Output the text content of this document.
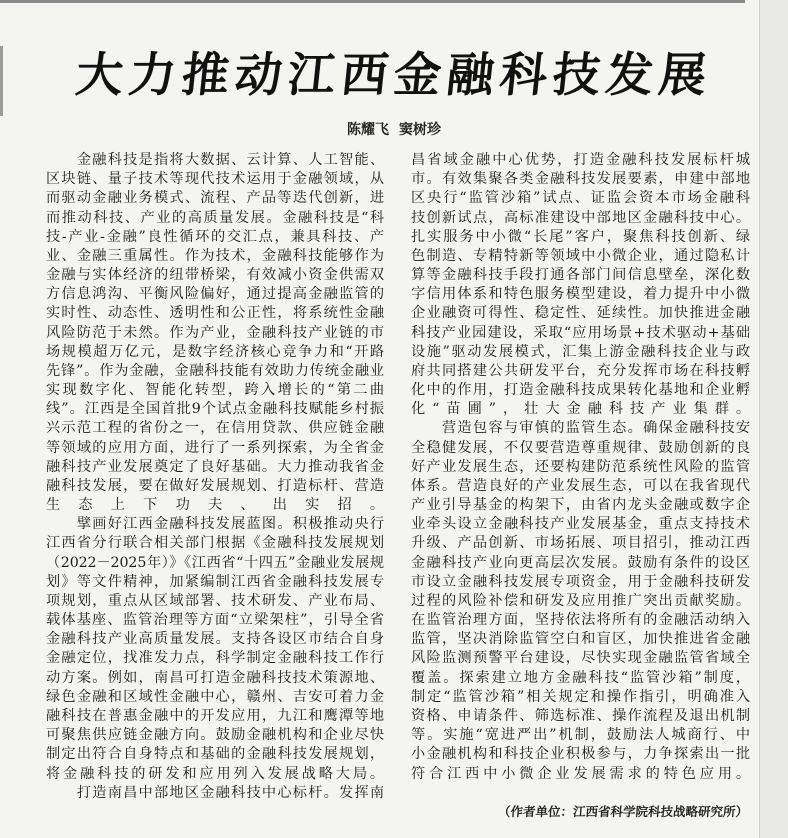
大力推动江西金融科技发展
陈耀飞 窦树珍
　　金融科技是指将大数据、云计算、人工智能、
区块链、量子技术等现代技术运用于金融领域，从
而驱动金融业务模式、流程、产品等迭代创新，进
而推动科技、产业的高质量发展。金融科技是“科
技-产业-金融”良性循环的交汇点，兼具科技、产
业、金融三重属性。作为技术，金融科技能够作为
金融与实体经济的纽带桥梁，有效减小资金供需双
方信息鸿沟、平衡风险偏好，通过提高金融监管的
实时性、动态性、透明性和公正性，将系统性金融
风险防范于未然。作为产业，金融科技产业链的市
场规模超万亿元，是数字经济核心竞争力和“开路
先锋”。作为金融，金融科技能有效助力传统金融业
实现数字化、智能化转型，跨入增长的“第二曲
线”。江西是全国首批9个试点金融科技赋能乡村振
兴示范工程的省份之一，在信用贷款、供应链金融
等领域的应用方面，进行了一系列探索，为全省金
融科技产业发展奠定了良好基础。大力推动我省金
融科技发展，要在做好发展规划、打造标杆、营造
生态上下功夫、出实招。
　　擘画好江西金融科技发展蓝图。积极推动央行
江西省分行联合相关部门根据《金融科技发展规划
（2022－2025年）》《江西省“十四五”金融业发展规
划》等文件精神，加紧编制江西省金融科技发展专
项规划，重点从区域部署、技术研发、产业布局、
载体基座、监管治理等方面“立梁架柱”，引导全省
金融科技产业高质量发展。支持各设区市结合自身
金融定位，找准发力点，科学制定金融科技工作行
动方案。例如，南昌可打造金融科技技术策源地、
绿色金融和区域性金融中心，赣州、吉安可着力金
融科技在普惠金融中的开发应用，九江和鹰潭等地
可聚焦供应链金融方向。鼓励金融机构和企业尽快
制定出符合自身特点和基础的金融科技发展规划，
将金融科技的研发和应用列入发展战略大局。
　　打造南昌中部地区金融科技中心标杆。发挥南
昌省域金融中心优势，打造金融科技发展标杆城
市。有效集聚各类金融科技发展要素，申建中部地
区央行“监管沙箱”试点、证监会资本市场金融科
技创新试点，高标准建设中部地区金融科技中心。
扎实服务中小微“长尾”客户，聚焦科技创新、绿
色制造、专精特新等领域中小微企业，通过隐私计
算等金融科技手段打通各部门间信息壁垒，深化数
字信用体系和特色服务模型建设，着力提升中小微
企业融资可得性、稳定性、延续性。加快推进金融
科技产业园建设，采取“应用场景+技术驱动+基础
设施”驱动发展模式，汇集上游金融科技企业与政
府共同搭建公共研发平台，充分发挥市场在科技孵
化中的作用，打造金融科技成果转化基地和企业孵
化“苗圃”，壮大金融科技产业集群。
　　营造包容与审慎的监管生态。确保金融科技安
全稳健发展，不仅要营造尊重规律、鼓励创新的良
好产业发展生态，还要构建防范系统性风险的监管
体系。营造良好的产业发展生态，可以在我省现代
产业引导基金的构架下，由省内龙头金融或数字企
业牵头设立金融科技产业发展基金，重点支持技术
升级、产品创新、市场拓展、项目招引，推动江西
金融科技产业向更高层次发展。鼓励有条件的设区
市设立金融科技发展专项资金，用于金融科技研发
过程的风险补偿和研发及应用推广突出贡献奖励。
在监管治理方面，坚持依法将所有的金融活动纳入
监管，坚决消除监管空白和盲区，加快推进省金融
风险监测预警平台建设，尽快实现金融监管省域全
覆盖。探索建立地方金融科技“监管沙箱”制度，
制定“监管沙箱”相关规定和操作指引，明确准入
资格、申请条件、筛选标准、操作流程及退出机制
等。实施“宽进严出”机制，鼓励法人城商行、中
小金融机构和科技企业积极参与，力争探索出一批
符合江西中小微企业发展需求的特色应用。
（作者单位：江西省科学院科技战略研究所）
